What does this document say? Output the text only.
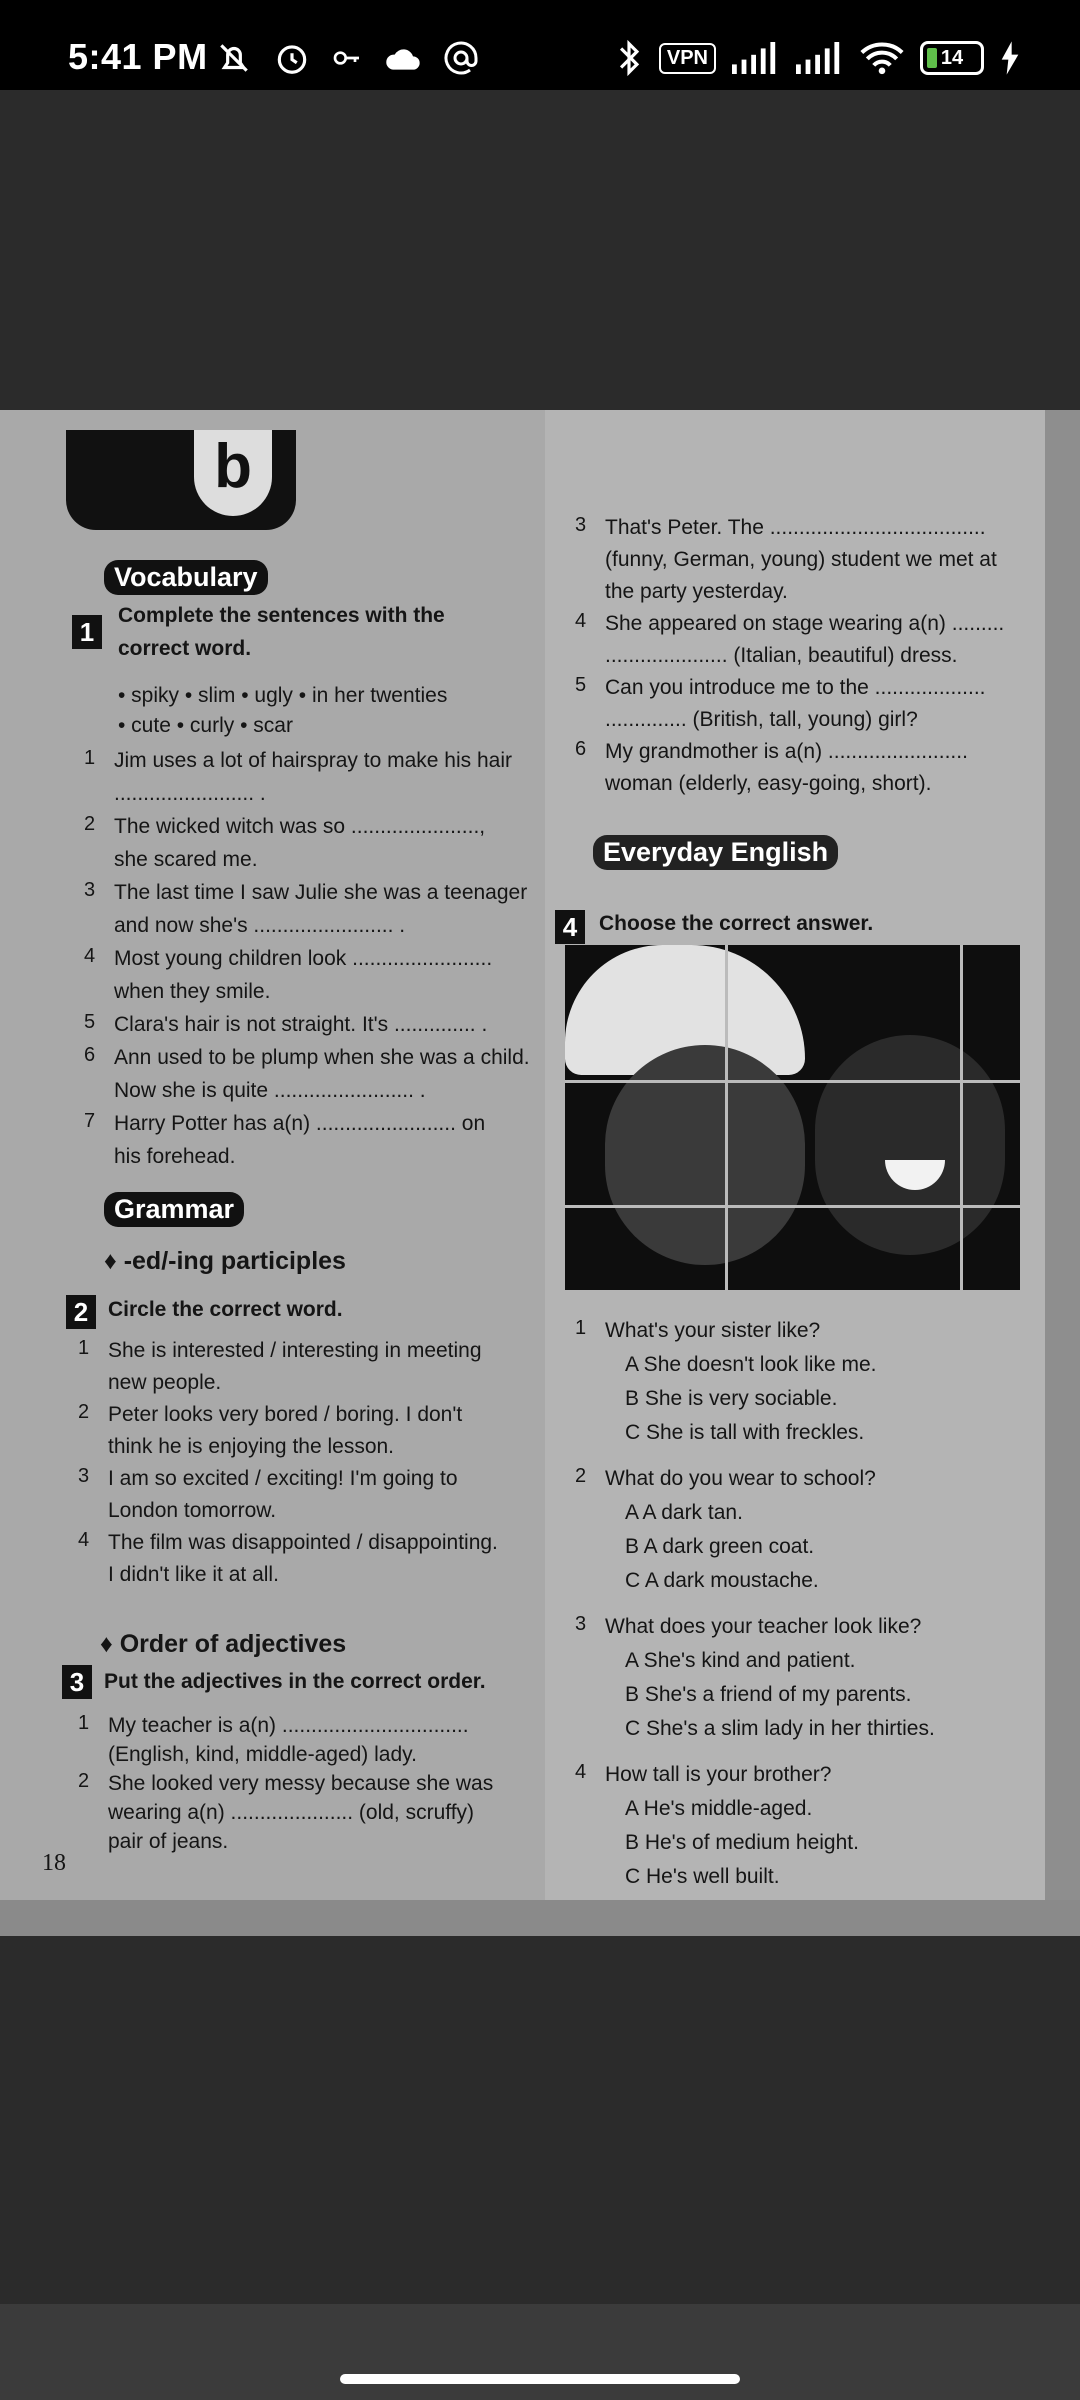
5:41 PM	VPN	14
b
Vocabulary
1
Complete the sentences with the correct word.
• spiky • slim • ugly • in her twenties
• cute • curly • scar
1 Jim uses a lot of hairspray to make his hair
........................ .
2 The wicked witch was so ......................,
she scared me.
3 The last time I saw Julie she was a teenager
and now she's ........................ .
4 Most young children look ........................
when they smile.
5 Clara's hair is not straight. It's .............. .
6 Ann used to be plump when she was a child.
Now she is quite ........................ .
7 Harry Potter has a(n) ........................ on
his forehead.
Grammar
♦ -ed/-ing participles
2 Circle the correct word.
1 She is interested / interesting in meeting
new people.
2 Peter looks very bored / boring. I don't
think he is enjoying the lesson.
3 I am so excited / exciting! I'm going to
London tomorrow.
4 The film was disappointed / disappointing.
I didn't like it at all.
♦ Order of adjectives
3 Put the adjectives in the correct order.
1 My teacher is a(n) ................................
(English, kind, middle-aged) lady.
2 She looked very messy because she was
wearing a(n) ..................... (old, scruffy)
pair of jeans.
18
3 That's Peter. The .....................................
(funny, German, young) student we met at
the party yesterday.
4 She appeared on stage wearing a(n) .........
..................... (Italian, beautiful) dress.
5 Can you introduce me to the ...................
.............. (British, tall, young) girl?
6 My grandmother is a(n) ........................
woman (elderly, easy-going, short).
Everyday English
4	Choose the correct answer.
What's your sister like?
A She doesn't look like me.
B She is very sociable.
C She is tall with freckles.
1
What do you wear to school?
A A dark tan.
B A dark green coat.
C A dark moustache.
2
What does your teacher look like?
A She's kind and patient.
B She's a friend of my parents.
C She's a slim lady in her thirties.
3
How tall is your brother?
A He's middle-aged.
B He's of medium height.
C He's well built.
4
